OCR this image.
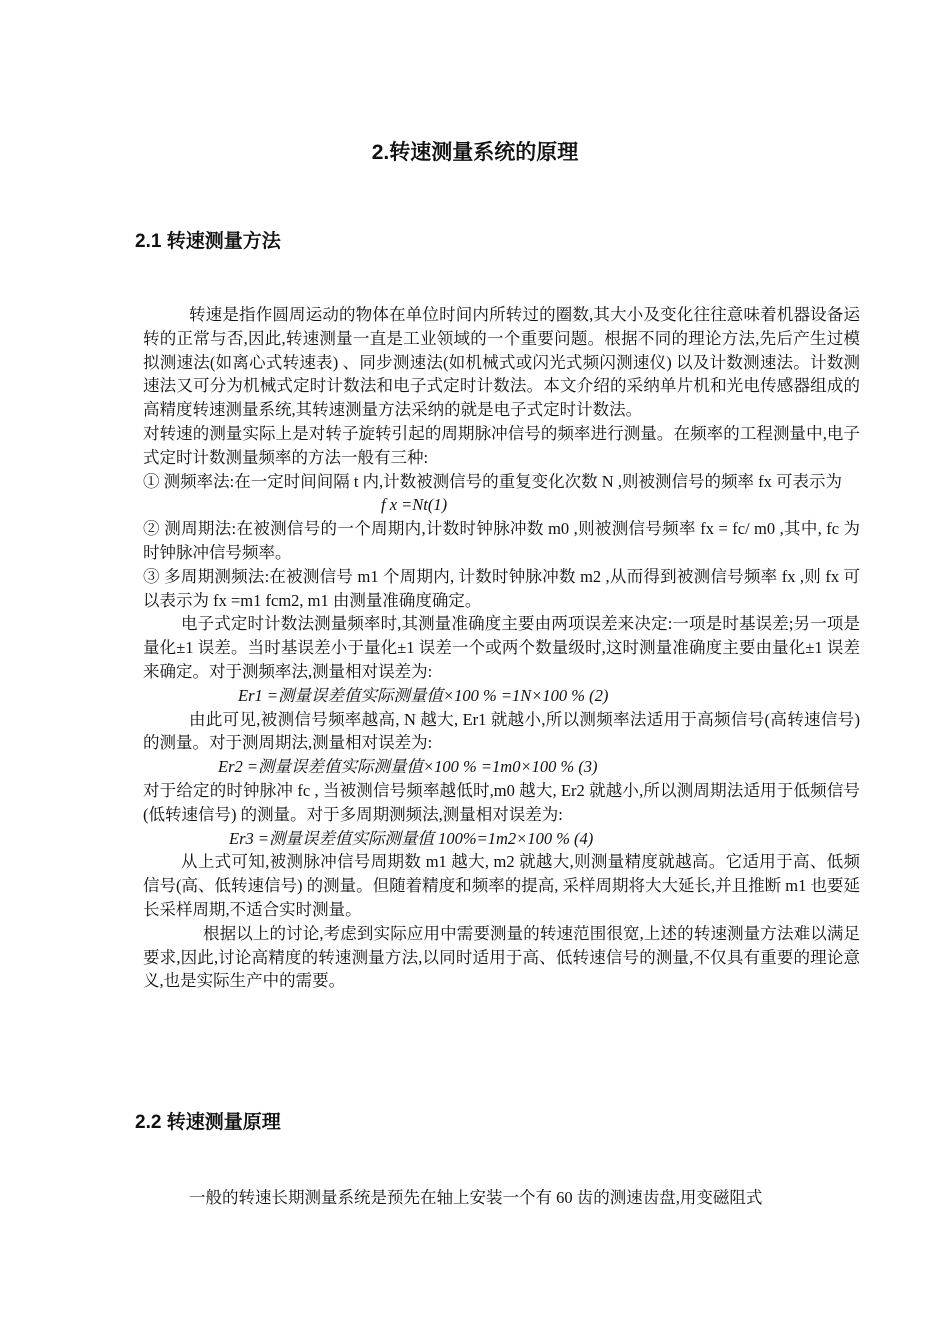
2.转速测量系统的原理
2.1 转速测量方法

转速是指作圆周运动的物体在单位时间内所转过的圈数,其大小及变化往往意味着机器设备运转的正常与否,因此,转速测量一直是工业领域的一个重要问题。根据不同的理论方法,先后产生过模拟测速法(如离心式转速表) 、同步测速法(如机械式或闪光式频闪测速仪) 以及计数测速法。计数测速法又可分为机械式定时计数法和电子式定时计数法。本文介绍的采纳单片机和光电传感器组成的高精度转速测量系统,其转速测量方法采纳的就是电子式定时计数法。

对转速的测量实际上是对转子旋转引起的周期脉冲信号的频率进行测量。在频率的工程测量中,电子式定时计数测量频率的方法一般有三种:

① 测频率法:在一定时间间隔 t 内,计数被测信号的重复变化次数 N ,则被测信号的频率 fx 可表示为

f x =Nt(1)

② 测周期法:在被测信号的一个周期内,计数时钟脉冲数 m0 ,则被测信号频率 fx = fc/ m0 ,其中, fc 为时钟脉冲信号频率。

③ 多周期测频法:在被测信号 m1 个周期内, 计数时钟脉冲数 m2 ,从而得到被测信号频率 fx ,则 fx 可以表示为 fx =m1 fcm2, m1 由测量准确度确定。

电子式定时计数法测量频率时,其测量准确度主要由两项误差来决定:一项是时基误差;另一项是量化±1 误差。当时基误差小于量化±1 误差一个或两个数量级时,这时测量准确度主要由量化±1 误差来确定。对于测频率法,测量相对误差为:

Er1 =测量误差值实际测量值×100 % =1N×100 % (2)

由此可见,被测信号频率越高, N 越大, Er1 就越小,所以测频率法适用于高频信号(高转速信号) 的测量。对于测周期法,测量相对误差为:

Er2 =测量误差值实际测量值×100 % =1m0×100 % (3)

对于给定的时钟脉冲 fc , 当被测信号频率越低时,m0 越大, Er2 就越小,所以测周期法适用于低频信号(低转速信号) 的测量。对于多周期测频法,测量相对误差为:

Er3 =测量误差值实际测量值 100%=1m2×100 % (4)

从上式可知,被测脉冲信号周期数 m1 越大, m2 就越大,则测量精度就越高。它适用于高、低频信号(高、低转速信号) 的测量。但随着精度和频率的提高, 采样周期将大大延长,并且推断 m1 也要延长采样周期,不适合实时测量。

根据以上的讨论,考虑到实际应用中需要测量的转速范围很宽,上述的转速测量方法难以满足要求,因此,讨论高精度的转速测量方法,以同时适用于高、低转速信号的测量,不仅具有重要的理论意义,也是实际生产中的需要。

2.2 转速测量原理
一般的转速长期测量系统是预先在轴上安装一个有 60 齿的测速齿盘,用变磁阻式
